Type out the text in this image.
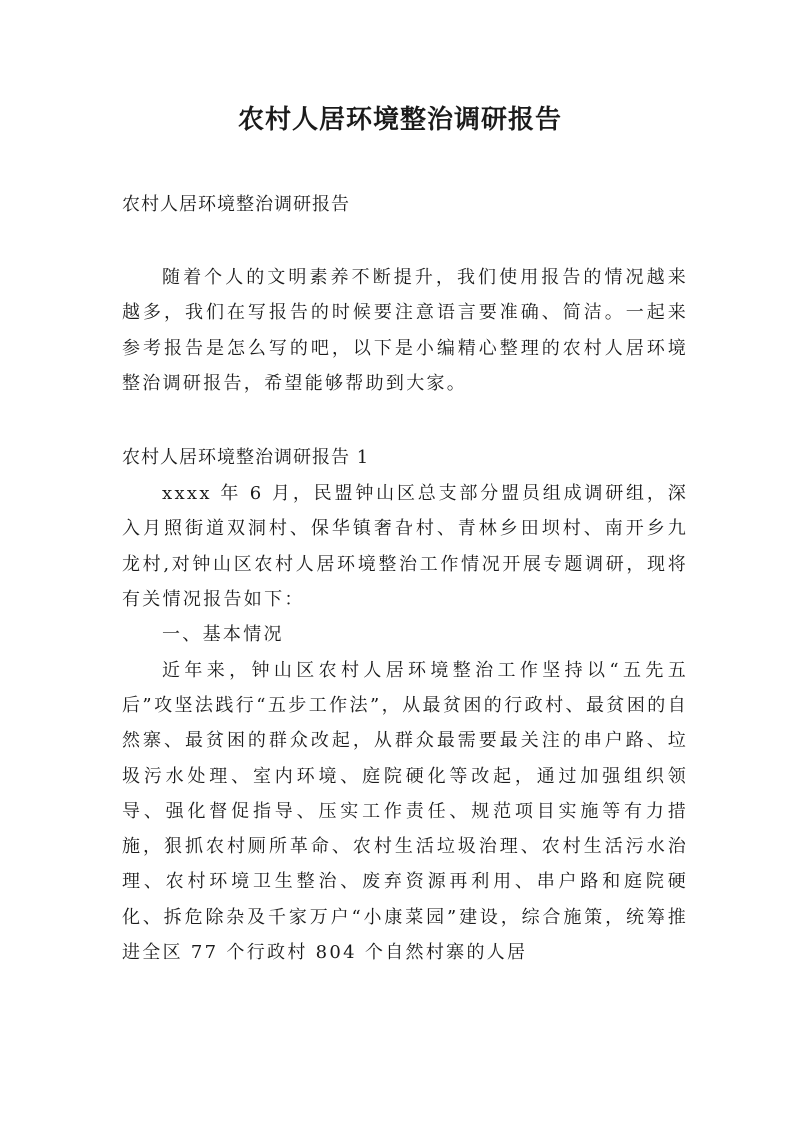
农村人居环境整治调研报告
农村人居环境整治调研报告

随着个人的文明素养不断提升，我们使用报告的情况越来越多，我们在写报告的时候要注意语言要准确、简洁。一起来参考报告是怎么写的吧，以下是小编精心整理的农村人居环境整治调研报告，希望能够帮助到大家。

农村人居环境整治调研报告 1

xxxx 年 6 月，民盟钟山区总支部分盟员组成调研组，深入月照街道双洞村、保华镇奢旮村、青林乡田坝村、南开乡九龙村,对钟山区农村人居环境整治工作情况开展专题调研，现将有关情况报告如下：

一、基本情况

近年来，钟山区农村人居环境整治工作坚持以“五先五后”攻坚法践行“五步工作法”，从最贫困的行政村、最贫困的自然寨、最贫困的群众改起，从群众最需要最关注的串户路、垃圾污水处理、室内环境、庭院硬化等改起，通过加强组织领导、强化督促指导、压实工作责任、规范项目实施等有力措施，狠抓农村厕所革命、农村生活垃圾治理、农村生活污水治理、农村环境卫生整治、废弃资源再利用、串户路和庭院硬化、拆危除杂及千家万户“小康菜园”建设，综合施策，统筹推进全区 77 个行政村 804 个自然村寨的人居
